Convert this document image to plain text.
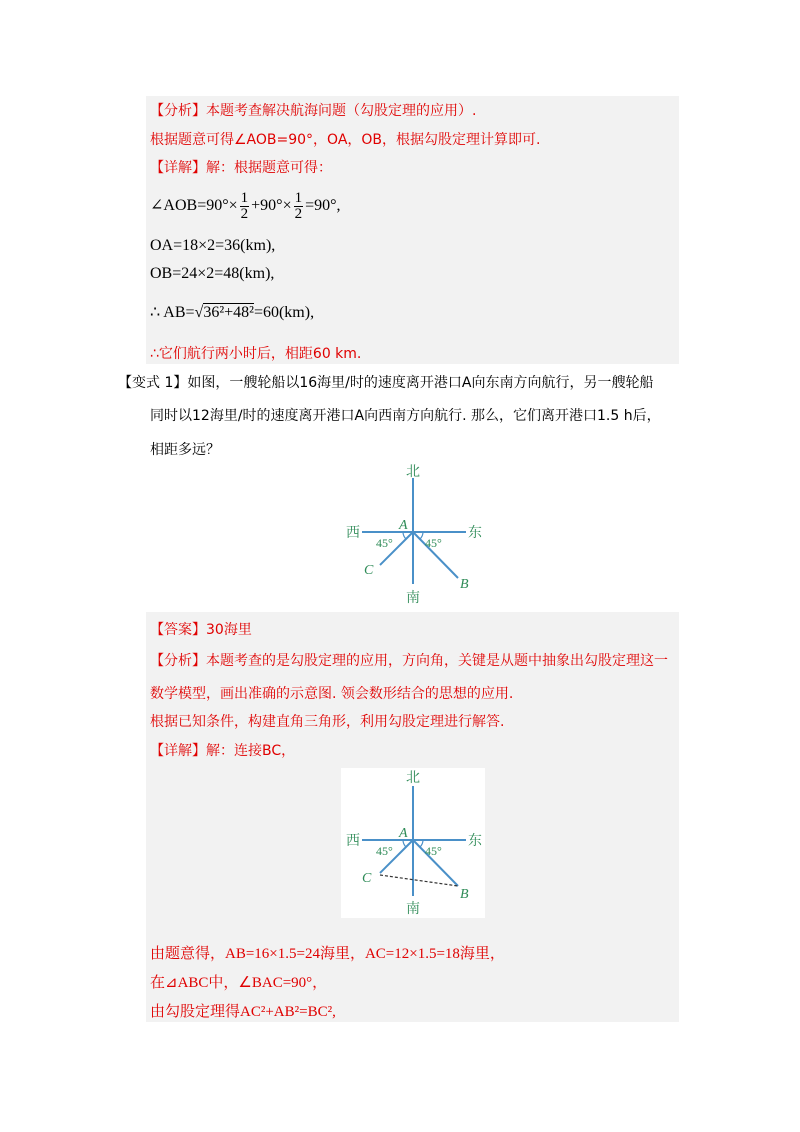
【分析】本题考查解决航海问题（勾股定理的应用）.
根据题意可得∠AOB=90°，OA，OB，根据勾股定理计算即可.
【详解】解：根据题意可得：
∠AOB=90°× $\frac{1}{2} +90^\circ\times \frac{1}{2} =90^\circ$,
OA=18×2=36(km),
OB=24×2=48(km),
∴ AB=√36²+48²=60(km),
∴它们航行两小时后，相距60 km.
【变式 1】如图，一艘轮船以16海里/时的速度离开港口A向东南方向航行，另一艘轮船
同时以12海里/时的速度离开港口A向西南方向航行. 那么，它们离开港口1.5 h后，
相距多远？
北
南
西	东
A
B
C
45°	45°
【答案】30海里
【分析】本题考查的是勾股定理的应用，方向角，关键是从题中抽象出勾股定理这一
数学模型，画出准确的示意图. 领会数形结合的思想的应用.
根据已知条件，构建直角三角形，利用勾股定理进行解答.
【详解】解：连接BC，
北
南
西	东
A
B
C
45°	45°
由题意得，AB=16×1.5=24海里，AC=12×1.5=18海里，
在⊿ABC中，∠BAC=90°，
由勾股定理得AC²+AB²=BC²,
